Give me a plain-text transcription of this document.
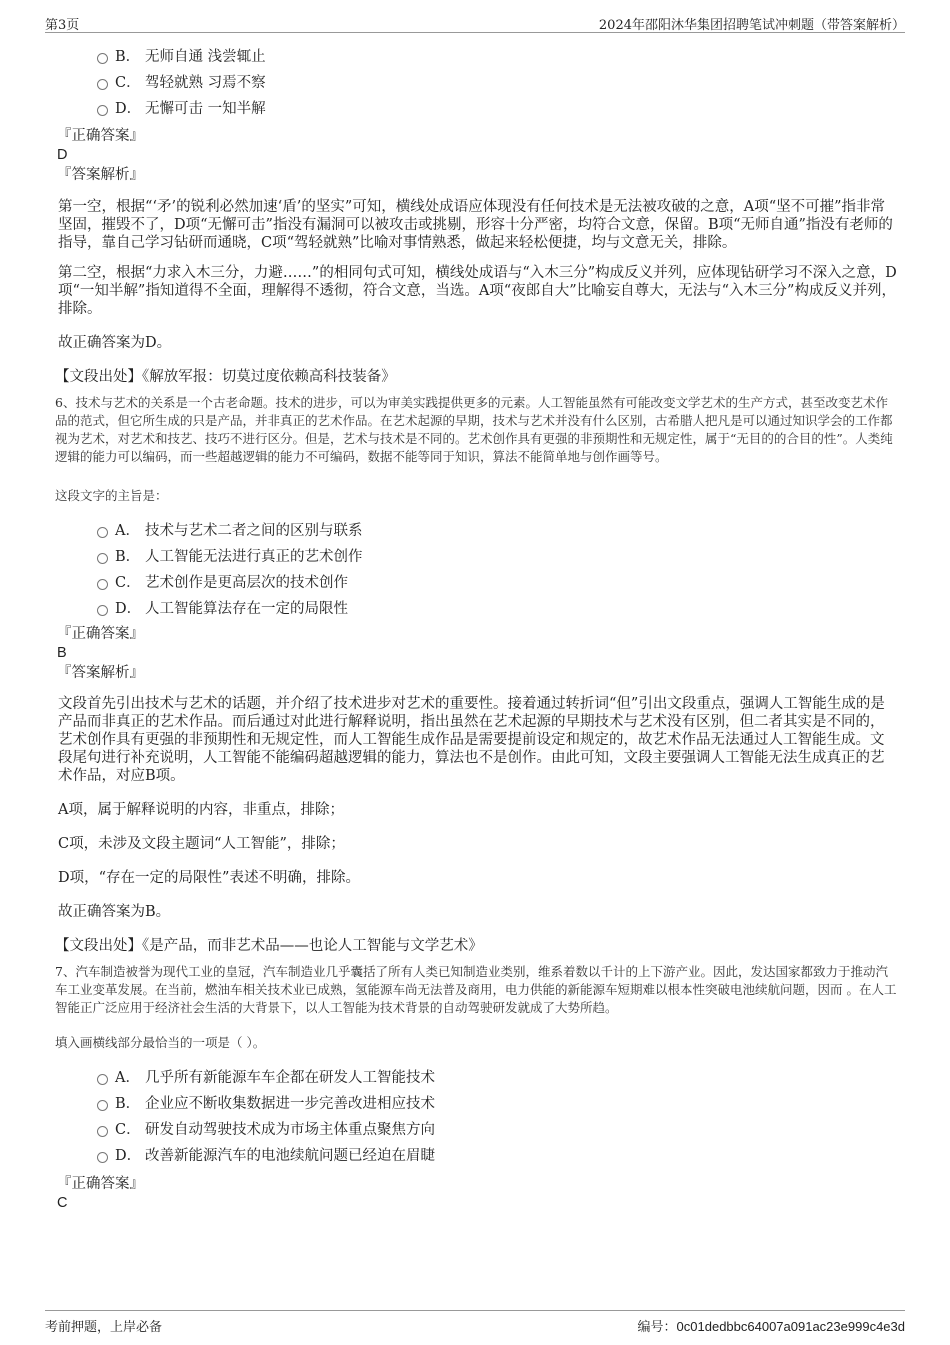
第3页	2024年邵阳沐华集团招聘笔试冲刺题（带答案解析）
B． 无师自通 浅尝辄止
C． 驾轻就熟 习焉不察
D． 无懈可击 一知半解
『正确答案』
D
『答案解析』
第一空，根据“‘矛’的锐利必然加速‘盾’的坚实”可知，横线处成语应体现没有任何技术是无法被攻破的之意，A项“坚不可摧”指非常坚固，摧毁不了，D项“无懈可击”指没有漏洞可以被攻击或挑剔，形容十分严密，均符合文意，保留。B项“无师自通”指没有老师的指导，靠自己学习钻研而通晓，C项“驾轻就熟”比喻对事情熟悉，做起来轻松便捷，均与文意无关，排除。
第二空，根据“力求入木三分，力避……”的相同句式可知，横线处成语与“入木三分”构成反义并列，应体现钻研学习不深入之意，D项“一知半解”指知道得不全面，理解得不透彻，符合文意，当选。A项“夜郎自大”比喻妄自尊大，无法与“入木三分”构成反义并列，排除。
故正确答案为D。
【文段出处】《解放军报：切莫过度依赖高科技装备》
6、技术与艺术的关系是一个古老命题。技术的进步，可以为审美实践提供更多的元素。人工智能虽然有可能改变文学艺术的生产方式，甚至改变艺术作品的范式，但它所生成的只是产品，并非真正的艺术作品。在艺术起源的早期，技术与艺术并没有什么区别，古希腊人把凡是可以通过知识学会的工作都视为艺术，对艺术和技艺、技巧不进行区分。但是，艺术与技术是不同的。艺术创作具有更强的非预期性和无规定性，属于“无目的的合目的性”。人类纯逻辑的能力可以编码，而一些超越逻辑的能力不可编码，数据不能等同于知识，算法不能简单地与创作画等号。
这段文字的主旨是：
A． 技术与艺术二者之间的区别与联系
B． 人工智能无法进行真正的艺术创作
C． 艺术创作是更高层次的技术创作
D． 人工智能算法存在一定的局限性
『正确答案』
B
『答案解析』
文段首先引出技术与艺术的话题，并介绍了技术进步对艺术的重要性。接着通过转折词“但”引出文段重点，强调人工智能生成的是产品而非真正的艺术作品。而后通过对此进行解释说明，指出虽然在艺术起源的早期技术与艺术没有区别，但二者其实是不同的，艺术创作具有更强的非预期性和无规定性，而人工智能生成作品是需要提前设定和规定的，故艺术作品无法通过人工智能生成。文段尾句进行补充说明，人工智能不能编码超越逻辑的能力，算法也不是创作。由此可知，文段主要强调人工智能无法生成真正的艺术作品，对应B项。
A项，属于解释说明的内容，非重点，排除；
C项，未涉及文段主题词“人工智能”，排除；
D项，“存在一定的局限性”表述不明确，排除。
故正确答案为B。
【文段出处】《是产品，而非艺术品——也论人工智能与文学艺术》
7、汽车制造被誉为现代工业的皇冠，汽车制造业几乎囊括了所有人类已知制造业类别，维系着数以千计的上下游产业。因此，发达国家都致力于推动汽车工业变革发展。在当前，燃油车相关技术业已成熟，氢能源车尚无法普及商用，电力供能的新能源车短期难以根本性突破电池续航问题，因而 。在人工智能正广泛应用于经济社会生活的大背景下，以人工智能为技术背景的自动驾驶研发就成了大势所趋。
填入画横线部分最恰当的一项是（ ）。
A． 几乎所有新能源车车企都在研发人工智能技术
B． 企业应不断收集数据进一步完善改进相应技术
C． 研发自动驾驶技术成为市场主体重点聚焦方向
D． 改善新能源汽车的电池续航问题已经迫在眉睫
『正确答案』
C
考前押题，上岸必备	编号：0c01dedbbc64007a091ac23e999c4e3d
